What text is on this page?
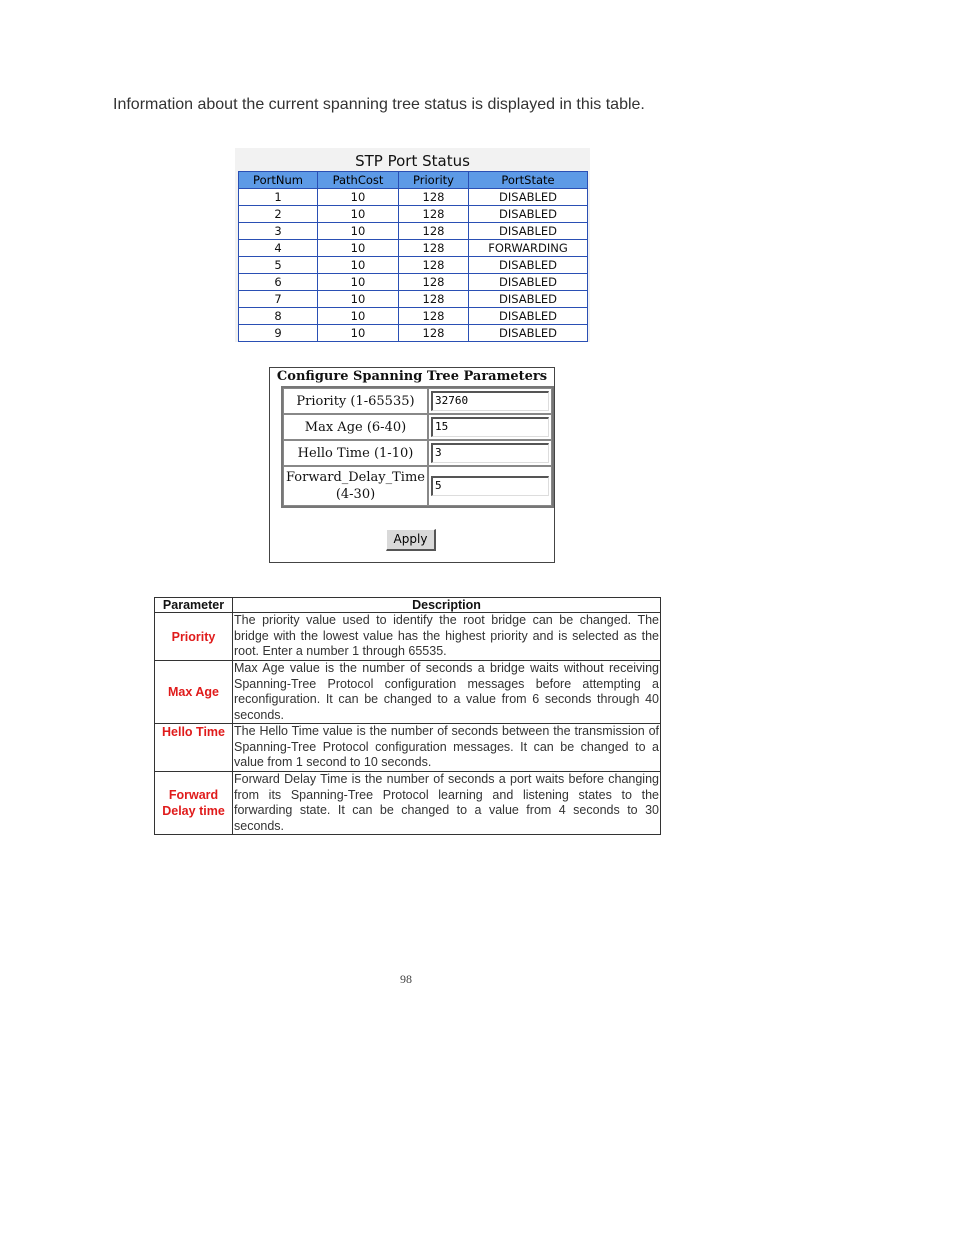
Information about the current spanning tree status is displayed in this table.

STP Port Status
PortNum	PathCost	Priority	PortState
1	10	128	DISABLED
2	10	128	DISABLED
3	10	128	DISABLED
4	10	128	FORWARDING
5	10	128	DISABLED
6	10	128	DISABLED
7	10	128	DISABLED
8	10	128	DISABLED
9	10	128	DISABLED
Configure Spanning Tree Parameters
Priority (1-65535)	32760

Max Age (6-40)	15

Hello Time (1-10)	3

Forward_Delay_Time
(4-30)	5
Apply
Parameter	Description
Priority	The priority value used to identify the root bridge can be changed. The bridge with the lowest value has the highest priority and is selected as the root. Enter a number 1 through 65535.
Max Age	Max Age value is the number of seconds a bridge waits without receiving Spanning-Tree Protocol configuration messages before attempting a reconfiguration. It can be changed to a value from 6 seconds through 40 seconds.
Hello Time	The Hello Time value is the number of seconds between the transmission of Spanning-Tree Protocol configuration messages. It can be changed to a value from 1 second to 10 seconds.
Forward Delay time	Forward Delay Time is the number of seconds a port waits before changing from its Spanning-Tree Protocol learning and listening states to the forwarding state. It can be changed to a value from 4 seconds to 30 seconds.
98
